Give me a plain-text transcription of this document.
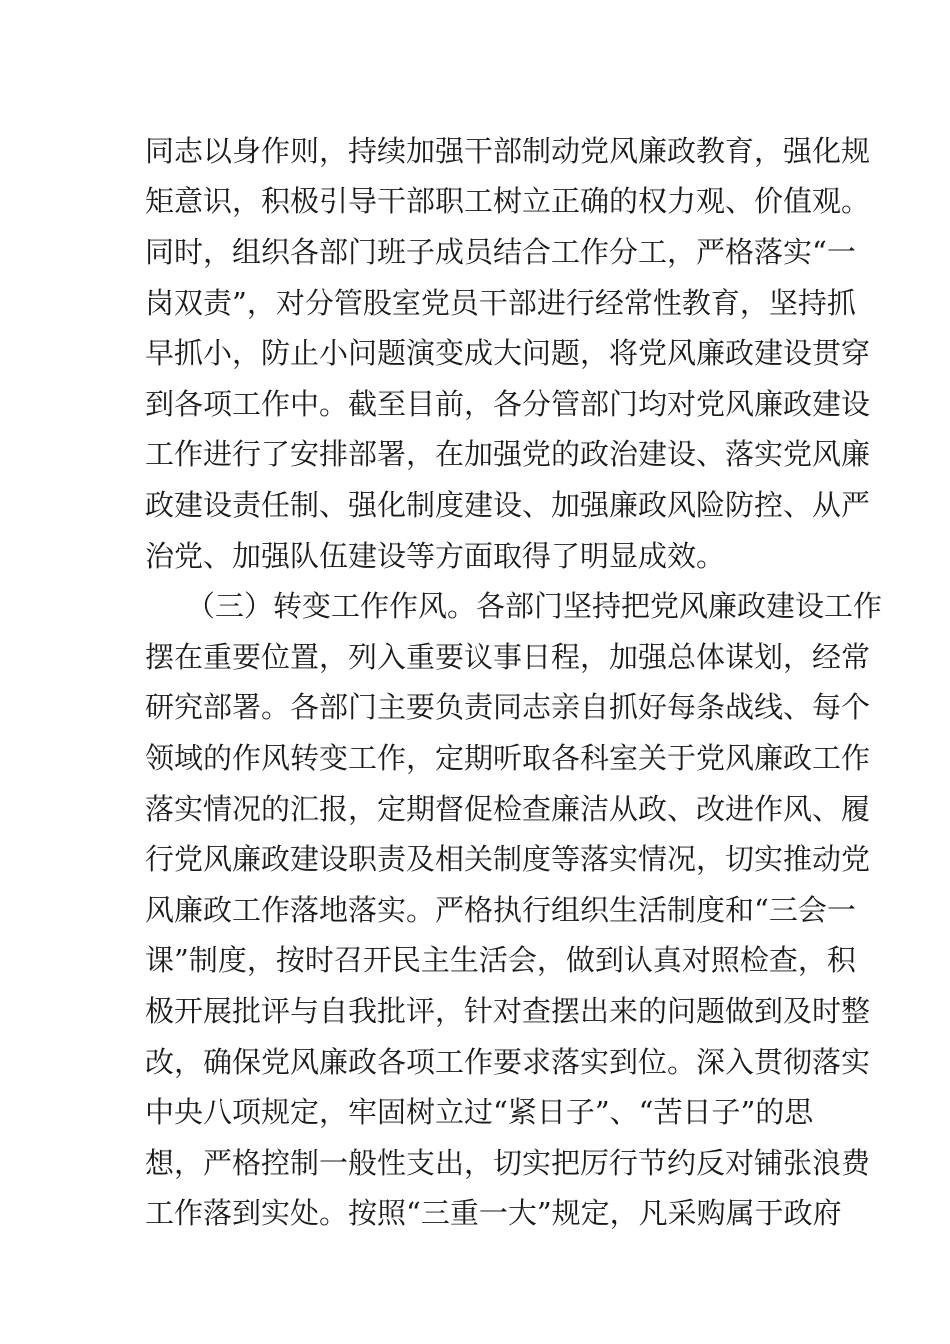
同志以身作则，持续加强干部制动党风廉政教育，强化规
矩意识，积极引导干部职工树立正确的权力观、价值观。
同时，组织各部门班子成员结合工作分工，严格落实“一
岗双责”，对分管股室党员干部进行经常性教育，坚持抓
早抓小，防止小问题演变成大问题，将党风廉政建设贯穿
到各项工作中。截至目前，各分管部门均对党风廉政建设
工作进行了安排部署，在加强党的政治建设、落实党风廉
政建设责任制、强化制度建设、加强廉政风险防控、从严
治党、加强队伍建设等方面取得了明显成效。
（三）转变工作作风。各部门坚持把党风廉政建设工作
摆在重要位置，列入重要议事日程，加强总体谋划，经常
研究部署。各部门主要负责同志亲自抓好每条战线、每个
领域的作风转变工作，定期听取各科室关于党风廉政工作
落实情况的汇报，定期督促检查廉洁从政、改进作风、履
行党风廉政建设职责及相关制度等落实情况，切实推动党
风廉政工作落地落实。严格执行组织生活制度和“三会一
课”制度，按时召开民主生活会，做到认真对照检查，积
极开展批评与自我批评，针对查摆出来的问题做到及时整
改，确保党风廉政各项工作要求落实到位。深入贯彻落实
中央八项规定，牢固树立过“紧日子”、“苦日子”的思
想，严格控制一般性支出，切实把厉行节约反对铺张浪费
工作落到实处。按照“三重一大”规定，凡采购属于政府
